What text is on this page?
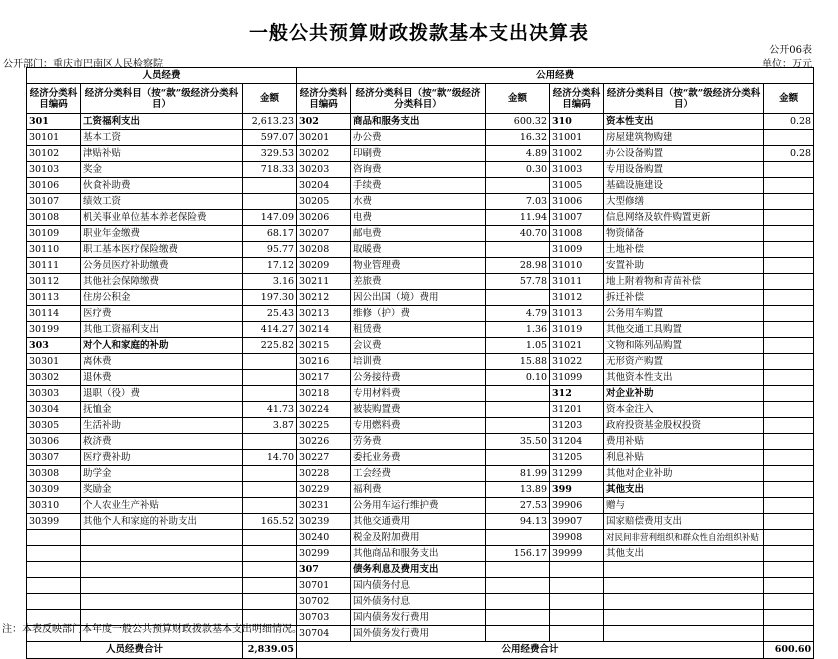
一般公共预算财政拨款基本支出决算表
公开06表
公开部门：重庆市巴南区人民检察院	单位：万元
人员经费			公用经费					
经济分类科目编码	经济分类科目（按“款”级经济分类科目）	金额	经济分类科目编码	经济分类科目（按“款”级经济分类科目）	金额	经济分类科目编码	经济分类科目（按“款”级经济分类科目）	金额
301	工资福利支出	2,613.23	302	商品和服务支出	600.32	310	资本性支出	0.28
30101	基本工资	597.07	30201	办公费	16.32	31001	房屋建筑物购建	
30102	津贴补贴	329.53	30202	印刷费	4.89	31002	办公设备购置	0.28
30103	奖金	718.33	30203	咨询费	0.30	31003	专用设备购置	
30106	伙食补助费		30204	手续费		31005	基础设施建设	
30107	绩效工资		30205	水费	7.03	31006	大型修缮	
30108	机关事业单位基本养老保险费	147.09	30206	电费	11.94	31007	信息网络及软件购置更新	
30109	职业年金缴费	68.17	30207	邮电费	40.70	31008	物资储备	
30110	职工基本医疗保险缴费	95.77	30208	取暖费		31009	土地补偿	
30111	公务员医疗补助缴费	17.12	30209	物业管理费	28.98	31010	安置补助	
30112	其他社会保障缴费	3.16	30211	差旅费	57.78	31011	地上附着物和青苗补偿	
30113	住房公积金	197.30	30212	因公出国（境）费用		31012	拆迁补偿	
30114	医疗费	25.43	30213	维修（护）费	4.79	31013	公务用车购置	
30199	其他工资福利支出	414.27	30214	租赁费	1.36	31019	其他交通工具购置	
303	对个人和家庭的补助	225.82	30215	会议费	1.05	31021	文物和陈列品购置	
30301	离休费		30216	培训费	15.88	31022	无形资产购置	
30302	退休费		30217	公务接待费	0.10	31099	其他资本性支出	
30303	退职（役）费		30218	专用材料费		312	对企业补助	
30304	抚恤金	41.73	30224	被装购置费		31201	资本金注入	
30305	生活补助	3.87	30225	专用燃料费		31203	政府投资基金股权投资	
30306	救济费		30226	劳务费	35.50	31204	费用补贴	
30307	医疗费补助	14.70	30227	委托业务费		31205	利息补贴	
30308	助学金		30228	工会经费	81.99	31299	其他对企业补助	
30309	奖励金		30229	福利费	13.89	399	其他支出	
30310	个人农业生产补贴		30231	公务用车运行维护费	27.53	39906	赠与	
30399	其他个人和家庭的补助支出	165.52	30239	其他交通费用	94.13	39907	国家赔偿费用支出	
			30240	税金及附加费用		39908	对民间非营利组织和群众性自治组织补贴	
			30299	其他商品和服务支出	156.17	39999	其他支出	
			307	债务利息及费用支出				
			30701	国内债务付息				
			30702	国外债务付息				
			30703	国内债务发行费用				
			30704	国外债务发行费用				
人员经费合计		2,839.05	公用经费合计					600.60
注：本表反映部门本年度一般公共预算财政拨款基本支出明细情况。
